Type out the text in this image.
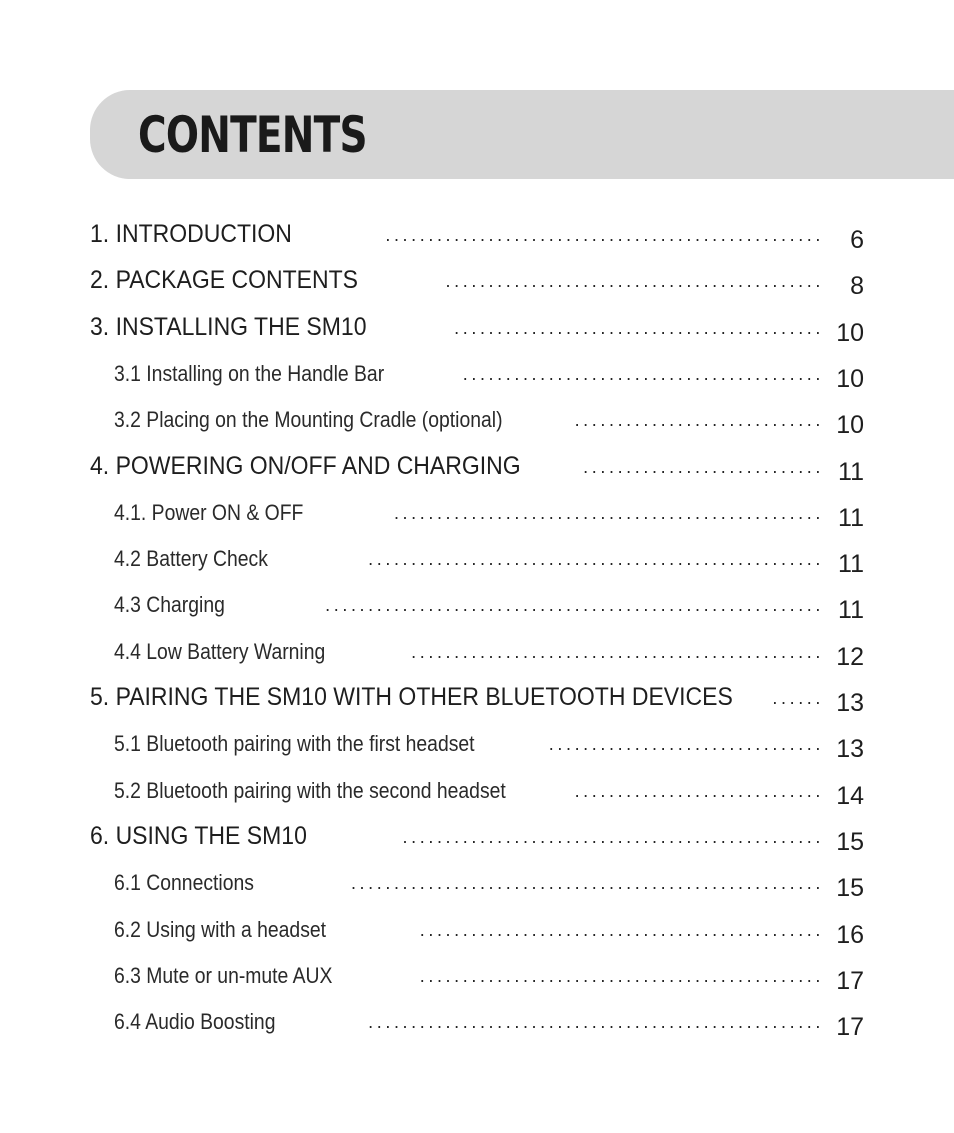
CONTENTS
1. INTRODUCTION	...................................................	6
2. PACKAGE CONTENTS	............................................	8
3. INSTALLING THE SM10	........................................... 10
3.1 Installing on the Handle Bar	.......................................... 10
3.2 Placing on the Mounting Cradle (optional)	............................. 10
4. POWERING ON/OFF AND CHARGING	............................ 11
4.1. Power ON & OFF	.................................................. 11
4.2 Battery Check	..................................................... 11
4.3 Charging	.......................................................... 11
4.4 Low Battery Warning	................................................ 12
5. PAIRING THE SM10 WITH OTHER BLUETOOTH DEVICES	...... 13
5.1 Bluetooth pairing with the first headset	................................ 13
5.2 Bluetooth pairing with the second headset	............................. 14
6. USING THE SM10	................................................. 15
6.1 Connections	....................................................... 15
6.2 Using with a headset	............................................... 16
6.3 Mute or un-mute AUX	............................................... 17
6.4 Audio Boosting	..................................................... 17
